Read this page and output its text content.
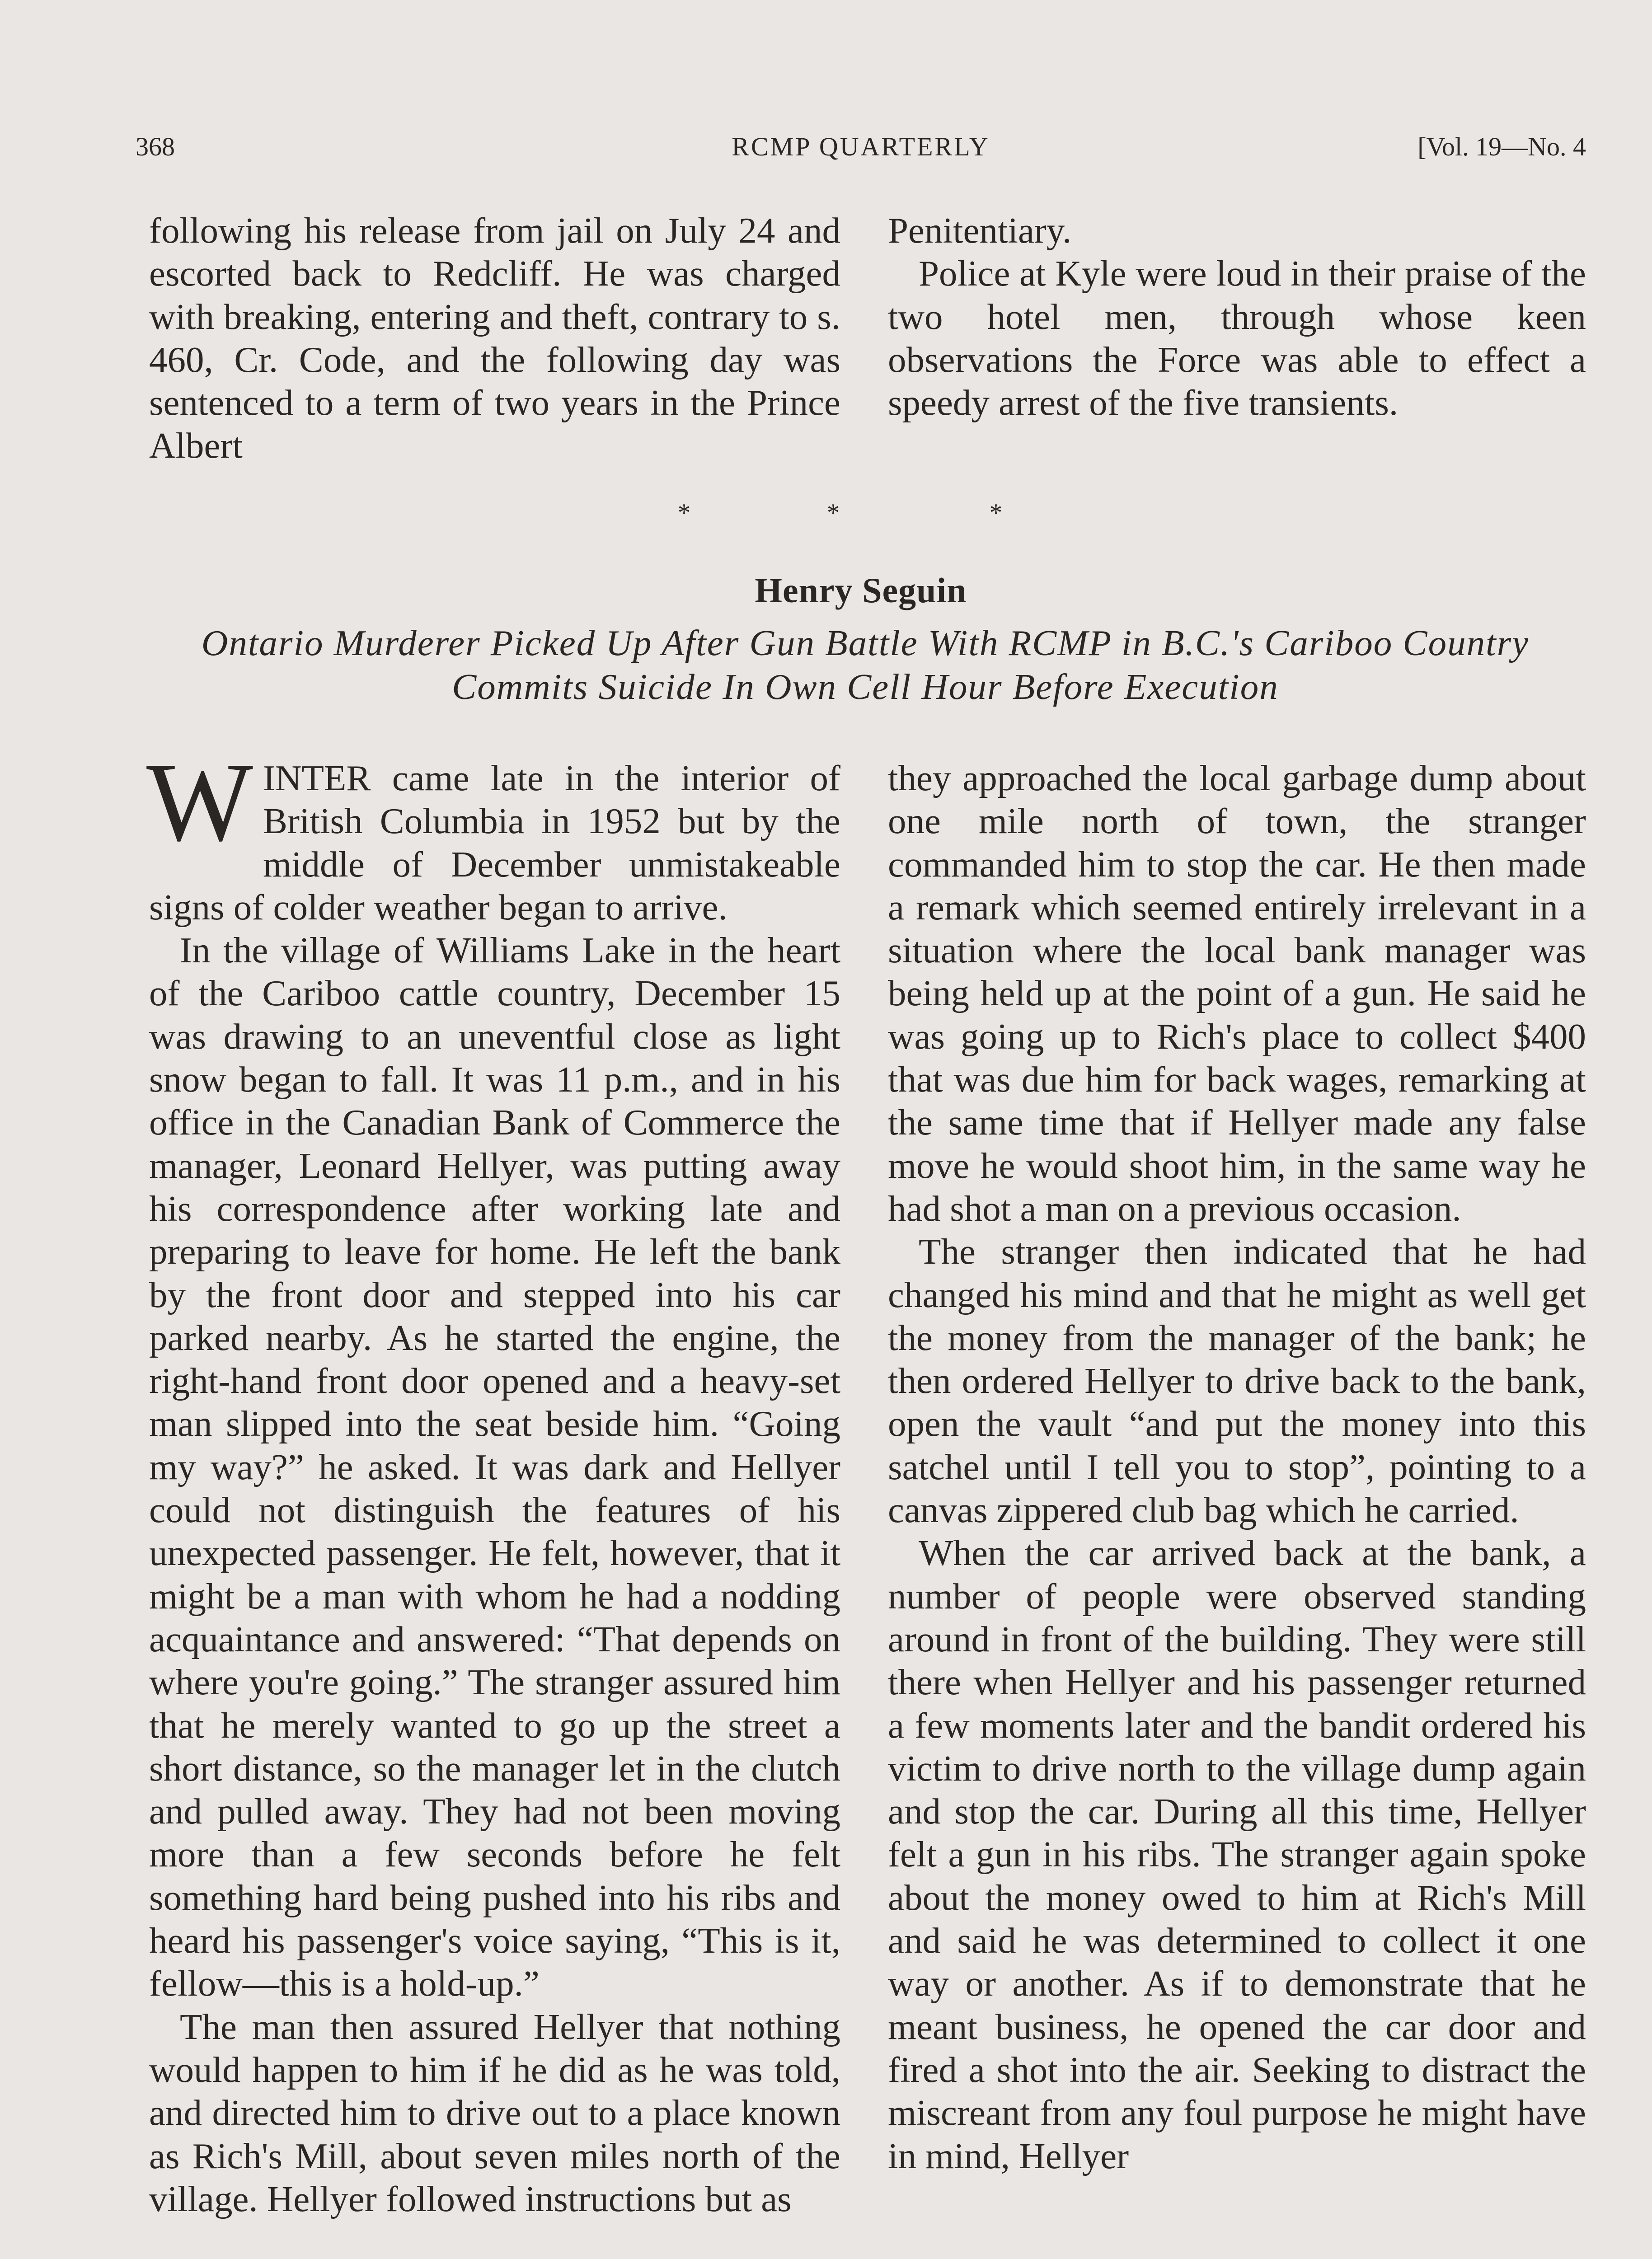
368	RCMP QUARTERLY	[Vol. 19—No. 4

following his release from jail on July 24 and escorted back to Redcliff. He was charged with breaking, entering and theft, contrary to s. 460, Cr. Code, and the following day was sentenced to a term of two years in the Prince Albert

Penitentiary.

Police at Kyle were loud in their praise of the two hotel men, through whose keen observations the Force was able to effect a speedy arrest of the five transients.

*	*	*
Henry Seguin
Ontario Murderer Picked Up After Gun Battle With RCMP in B.C.'s Cariboo Country Commits Suicide In Own Cell Hour Before Execution

WINTER came late in the interior of British Columbia in 1952 but by the middle of December unmistakeable signs of colder weather began to arrive.

In the village of Williams Lake in the heart of the Cariboo cattle country, December 15 was drawing to an uneventful close as light snow began to fall. It was 11 p.m., and in his office in the Canadian Bank of Commerce the manager, Leonard Hellyer, was putting away his correspondence after working late and preparing to leave for home. He left the bank by the front door and stepped into his car parked nearby. As he started the engine, the right-hand front door opened and a heavy-set man slipped into the seat beside him. “Going my way?” he asked. It was dark and Hellyer could not distinguish the features of his unexpected passenger. He felt, however, that it might be a man with whom he had a nodding acquaintance and answered: “That depends on where you're going.” The stranger assured him that he merely wanted to go up the street a short distance, so the manager let in the clutch and pulled away. They had not been moving more than a few seconds before he felt something hard being pushed into his ribs and heard his passenger's voice saying, “This is it, fellow—this is a hold-up.”

The man then assured Hellyer that nothing would happen to him if he did as he was told, and directed him to drive out to a place known as Rich's Mill, about seven miles north of the village. Hellyer followed instructions but as

they approached the local garbage dump about one mile north of town, the stranger commanded him to stop the car. He then made a remark which seemed entirely irrelevant in a situation where the local bank manager was being held up at the point of a gun. He said he was going up to Rich's place to collect $400 that was due him for back wages, remarking at the same time that if Hellyer made any false move he would shoot him, in the same way he had shot a man on a previous occasion.

The stranger then indicated that he had changed his mind and that he might as well get the money from the manager of the bank; he then ordered Hellyer to drive back to the bank, open the vault “and put the money into this satchel until I tell you to stop”, pointing to a canvas zippered club bag which he carried.

When the car arrived back at the bank, a number of people were observed standing around in front of the building. They were still there when Hellyer and his passenger returned a few moments later and the bandit ordered his victim to drive north to the village dump again and stop the car. During all this time, Hellyer felt a gun in his ribs. The stranger again spoke about the money owed to him at Rich's Mill and said he was determined to collect it one way or another. As if to demonstrate that he meant business, he opened the car door and fired a shot into the air. Seeking to distract the miscreant from any foul purpose he might have in mind, Hellyer
